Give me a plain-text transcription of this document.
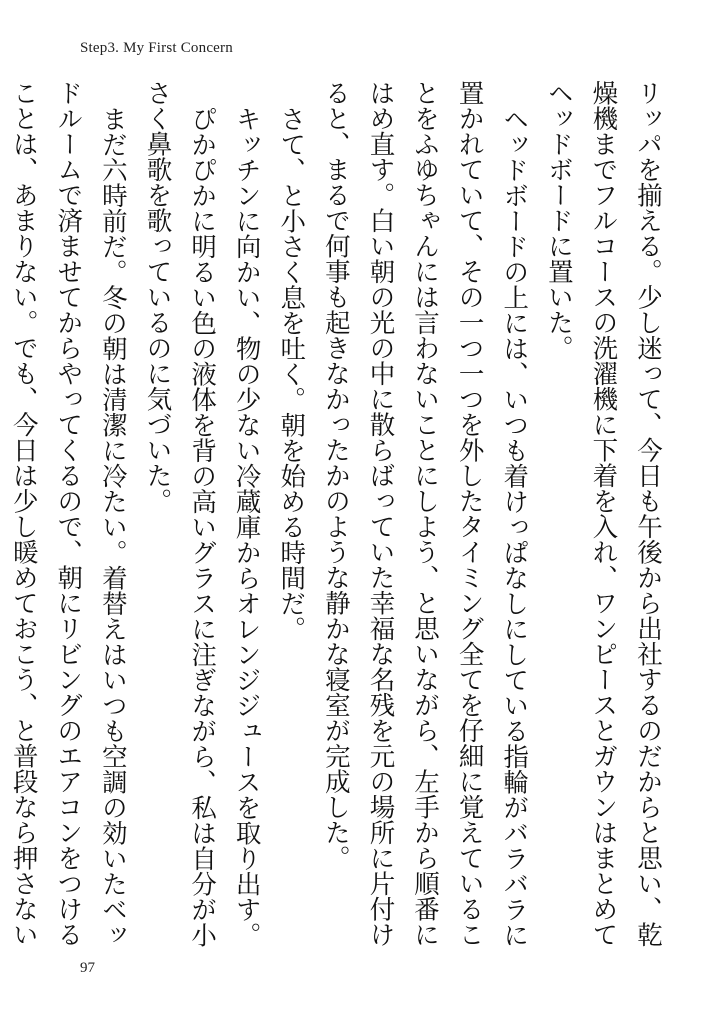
Step3. My First Concern

リッパを揃える。少し迷って、今日も午後から出社するのだからと思い、乾燥機までフルコースの洗濯機に下着を入れ、ワンピースとガウンはまとめてヘッドボードに置いた。

ヘッドボードの上には、いつも着けっぱなしにしている指輪がバラバラに置かれていて、その一つ一つを外したタイミング全てを仔細に覚えていることをふゆちゃんには言わないことにしよう、と思いながら、左手から順番にはめ直す。白い朝の光の中に散らばっていた幸福な名残を元の場所に片付けると、まるで何事も起きなかったかのような静かな寝室が完成した。

さて、と小さく息を吐く。朝を始める時間だ。

キッチンに向かい、物の少ない冷蔵庫からオレンジジュースを取り出す。

ぴかぴかに明るい色の液体を背の高いグラスに注ぎながら、私は自分が小さく鼻歌を歌っているのに気づいた。

まだ六時前だ。冬の朝は清潔に冷たい。着替えはいつも空調の効いたベッドルームで済ませてからやってくるので、朝にリビングのエアコンをつけることは、あまりない。でも、今日は少し暖めておこう、と普段なら押さない

97
